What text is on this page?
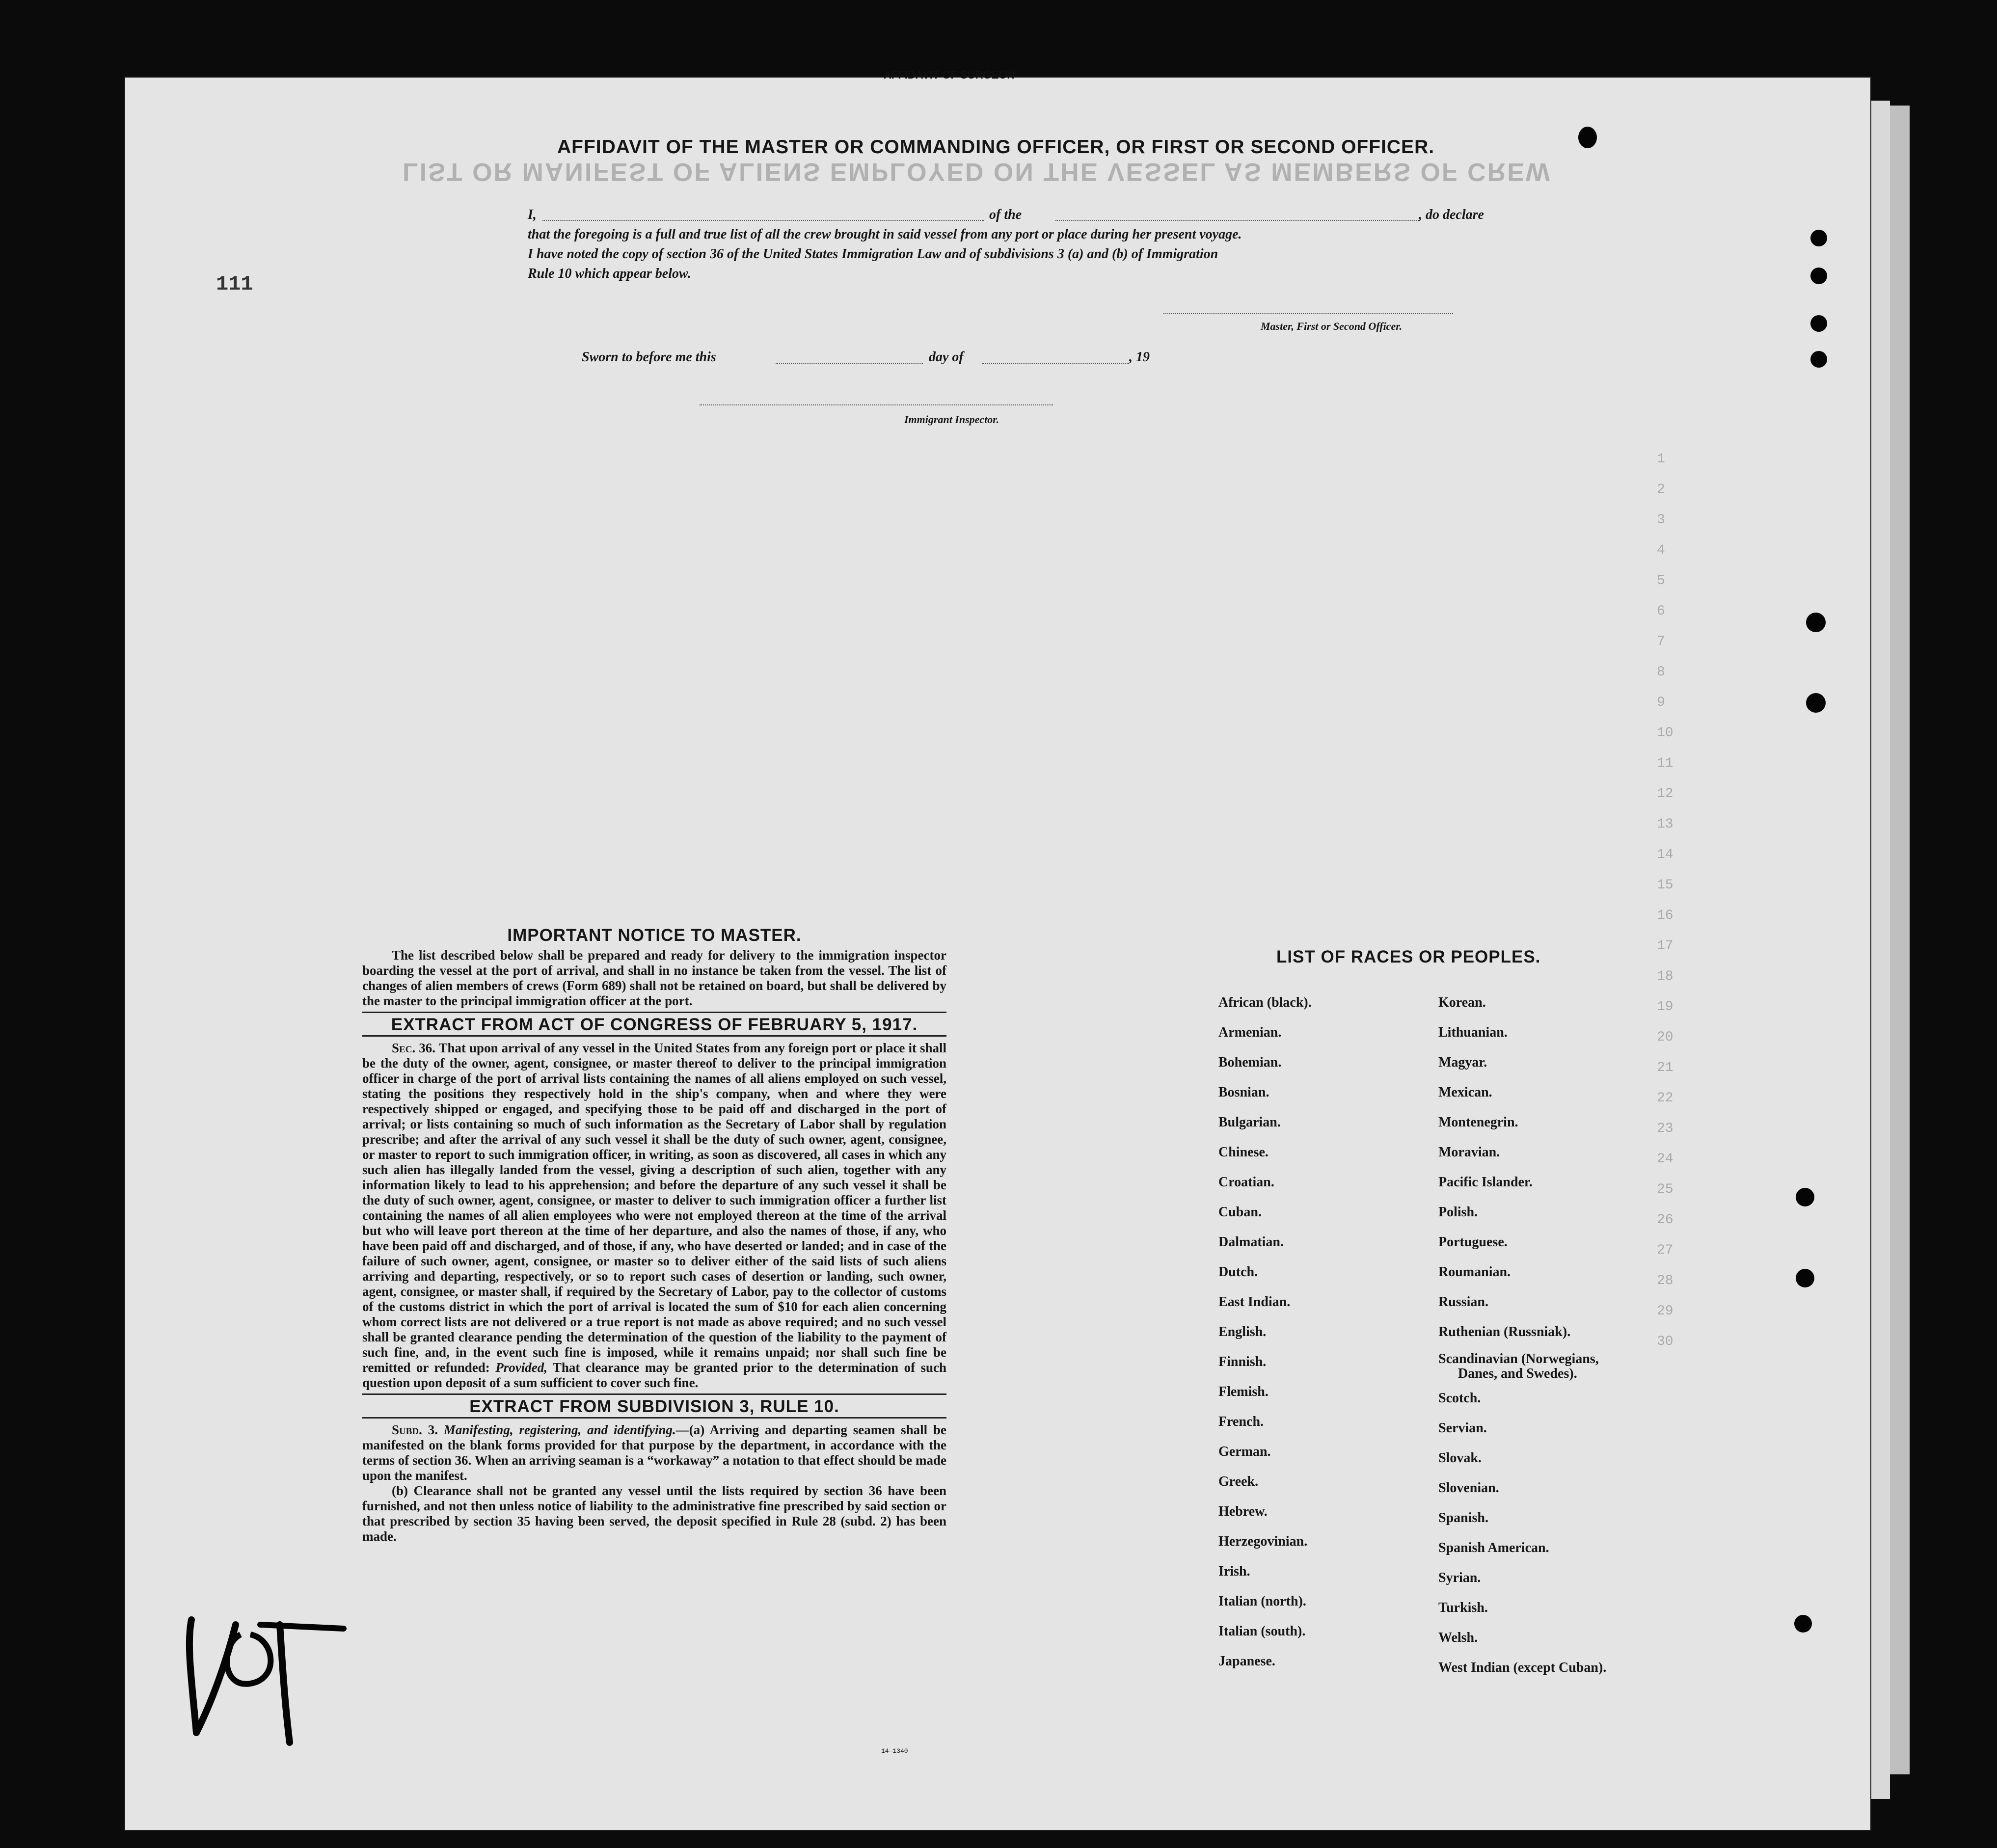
LIST OR MANIFEST OF ALIENS EMPLOYED ON THE VESSEL AS MEMBERS OF CREW
111
1
2
3
4
5
6
7
8
9
10
11
12
13
14
15
16
17
18
19
20
21
22
23
24
25
26
27
28
29
30
AFFIDAVIT OF SURGEON
AFFIDAVIT OF THE MASTER OR COMMANDING OFFICER, OR FIRST OR SECOND OFFICER.
I,	of the	, do declare
that the foregoing is a full and true list of all the crew brought in said vessel from any port or place during her present voyage.
I have noted the copy of section 36 of the United States Immigration Law and of subdivisions 3 (a) and (b) of Immigration
Rule 10 which appear below.
Master, First or Second Officer.
Sworn to before me this	day of	, 19
Immigrant Inspector.
IMPORTANT NOTICE TO MASTER.
The list described below shall be prepared and ready for delivery to the immigration inspector boarding the vessel at the port of arrival, and shall in no instance be taken from the vessel. The list of changes of alien members of crews (Form 689) shall not be retained on board, but shall be delivered by the master to the principal immigration officer at the port.
EXTRACT FROM ACT OF CONGRESS OF FEBRUARY 5, 1917.
Sec. 36. That upon arrival of any vessel in the United States from any foreign port or place it shall be the duty of the owner, agent, consignee, or master thereof to deliver to the principal immigration officer in charge of the port of arrival lists containing the names of all aliens employed on such vessel, stating the positions they respectively hold in the ship's company, when and where they were respectively shipped or engaged, and specifying those to be paid off and discharged in the port of arrival; or lists containing so much of such information as the Secretary of Labor shall by regulation prescribe; and after the arrival of any such vessel it shall be the duty of such owner, agent, consignee, or master to report to such immigration officer, in writing, as soon as discovered, all cases in which any such alien has illegally landed from the vessel, giving a description of such alien, together with any information likely to lead to his apprehension; and before the departure of any such vessel it shall be the duty of such owner, agent, consignee, or master to deliver to such immigration officer a further list containing the names of all alien employees who were not employed thereon at the time of the arrival but who will leave port thereon at the time of her departure, and also the names of those, if any, who have been paid off and discharged, and of those, if any, who have deserted or landed; and in case of the failure of such owner, agent, consignee, or master so to deliver either of the said lists of such aliens arriving and departing, respectively, or so to report such cases of desertion or landing, such owner, agent, consignee, or master shall, if required by the Secretary of Labor, pay to the collector of customs of the customs district in which the port of arrival is located the sum of $10 for each alien concerning whom correct lists are not delivered or a true report is not made as above required; and no such vessel shall be granted clearance pending the determination of the question of the liability to the payment of such fine, and, in the event such fine is imposed, while it remains unpaid; nor shall such fine be remitted or refunded: Provided, That clearance may be granted prior to the determination of such question upon deposit of a sum sufficient to cover such fine.
EXTRACT FROM SUBDIVISION 3, RULE 10.
Subd. 3. Manifesting, registering, and identifying.—(a) Arriving and departing seamen shall be manifested on the blank forms provided for that purpose by the department, in accordance with the terms of section 36. When an arriving seaman is a “workaway” a notation to that effect should be made upon the manifest.
(b) Clearance shall not be granted any vessel until the lists required by section 36 have been furnished, and not then unless notice of liability to the administrative fine prescribed by said section or that prescribed by section 35 having been served, the deposit specified in Rule 28 (subd. 2) has been made.
14—1340
LIST OF RACES OR PEOPLES.
African (black).
Armenian.
Bohemian.
Bosnian.
Bulgarian.
Chinese.
Croatian.
Cuban.
Dalmatian.
Dutch.
East Indian.
English.
Finnish.
Flemish.
French.
German.
Greek.
Hebrew.
Herzegovinian.
Irish.
Italian (north).
Italian (south).
Japanese.
Korean.
Lithuanian.
Magyar.
Mexican.
Montenegrin.
Moravian.
Pacific Islander.
Polish.
Portuguese.
Roumanian.
Russian.
Ruthenian (Russniak).
Scandinavian (Norwegians,
Danes, and Swedes).
Scotch.
Servian.
Slovak.
Slovenian.
Spanish.
Spanish American.
Syrian.
Turkish.
Welsh.
West Indian (except Cuban).
